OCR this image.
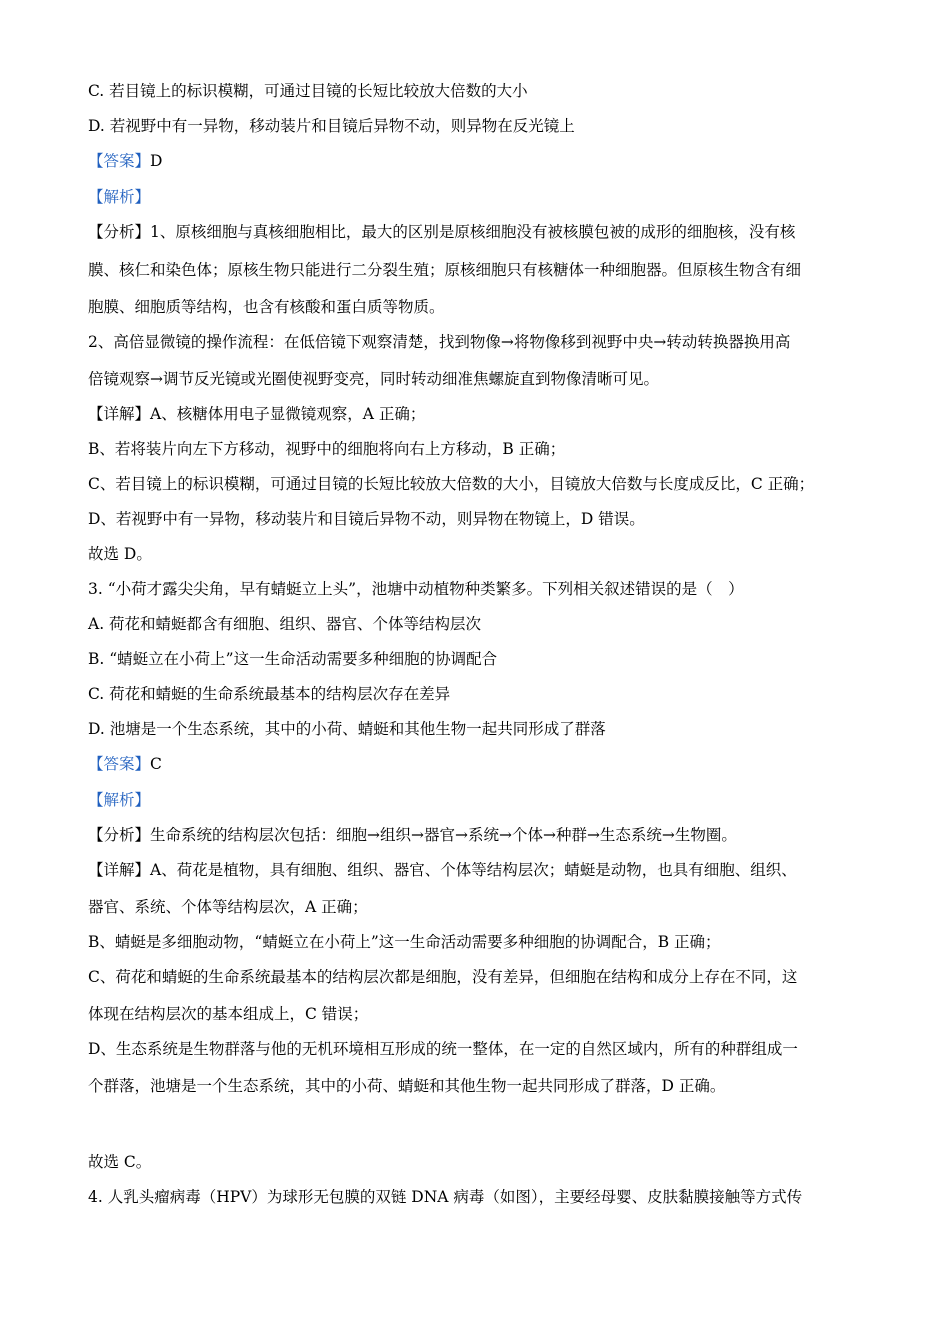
C. 若目镜上的标识模糊，可通过目镜的长短比较放大倍数的大小
D. 若视野中有一异物，移动装片和目镜后异物不动，则异物在反光镜上
【答案】D
【解析】
【分析】1、原核细胞与真核细胞相比，最大的区别是原核细胞没有被核膜包被的成形的细胞核，没有核
膜、核仁和染色体；原核生物只能进行二分裂生殖；原核细胞只有核糖体一种细胞器。但原核生物含有细
胞膜、细胞质等结构，也含有核酸和蛋白质等物质。
2、高倍显微镜的操作流程：在低倍镜下观察清楚，找到物像→将物像移到视野中央→转动转换器换用高
倍镜观察→调节反光镜或光圈使视野变亮，同时转动细准焦螺旋直到物像清晰可见。
【详解】A、核糖体用电子显微镜观察，A 正确；
B、若将装片向左下方移动，视野中的细胞将向右上方移动，B 正确；
C、若目镜上的标识模糊，可通过目镜的长短比较放大倍数的大小，目镜放大倍数与长度成反比，C 正确；
D、若视野中有一异物，移动装片和目镜后异物不动，则异物在物镜上，D 错误。
故选 D。
3. “小荷才露尖尖角，早有蜻蜓立上头”，池塘中动植物种类繁多。下列相关叙述错误的是（　）
A. 荷花和蜻蜓都含有细胞、组织、器官、个体等结构层次
B. “蜻蜓立在小荷上”这一生命活动需要多种细胞的协调配合
C. 荷花和蜻蜓的生命系统最基本的结构层次存在差异
D. 池塘是一个生态系统，其中的小荷、蜻蜓和其他生物一起共同形成了群落
【答案】C
【解析】
【分析】生命系统的结构层次包括：细胞→组织→器官→系统→个体→种群→生态系统→生物圈。
【详解】A、荷花是植物，具有细胞、组织、器官、个体等结构层次；蜻蜓是动物，也具有细胞、组织、
器官、系统、个体等结构层次，A 正确；
B、蜻蜓是多细胞动物，“蜻蜓立在小荷上”这一生命活动需要多种细胞的协调配合，B 正确；
C、荷花和蜻蜓的生命系统最基本的结构层次都是细胞，没有差异，但细胞在结构和成分上存在不同，这
体现在结构层次的基本组成上，C 错误；
D、生态系统是生物群落与他的无机环境相互形成的统一整体，在一定的自然区域内，所有的种群组成一
个群落，池塘是一个生态系统，其中的小荷、蜻蜓和其他生物一起共同形成了群落，D 正确。
故选 C。
4. 人乳头瘤病毒（HPV）为球形无包膜的双链 DNA 病毒（如图），主要经母婴、皮肤黏膜接触等方式传
